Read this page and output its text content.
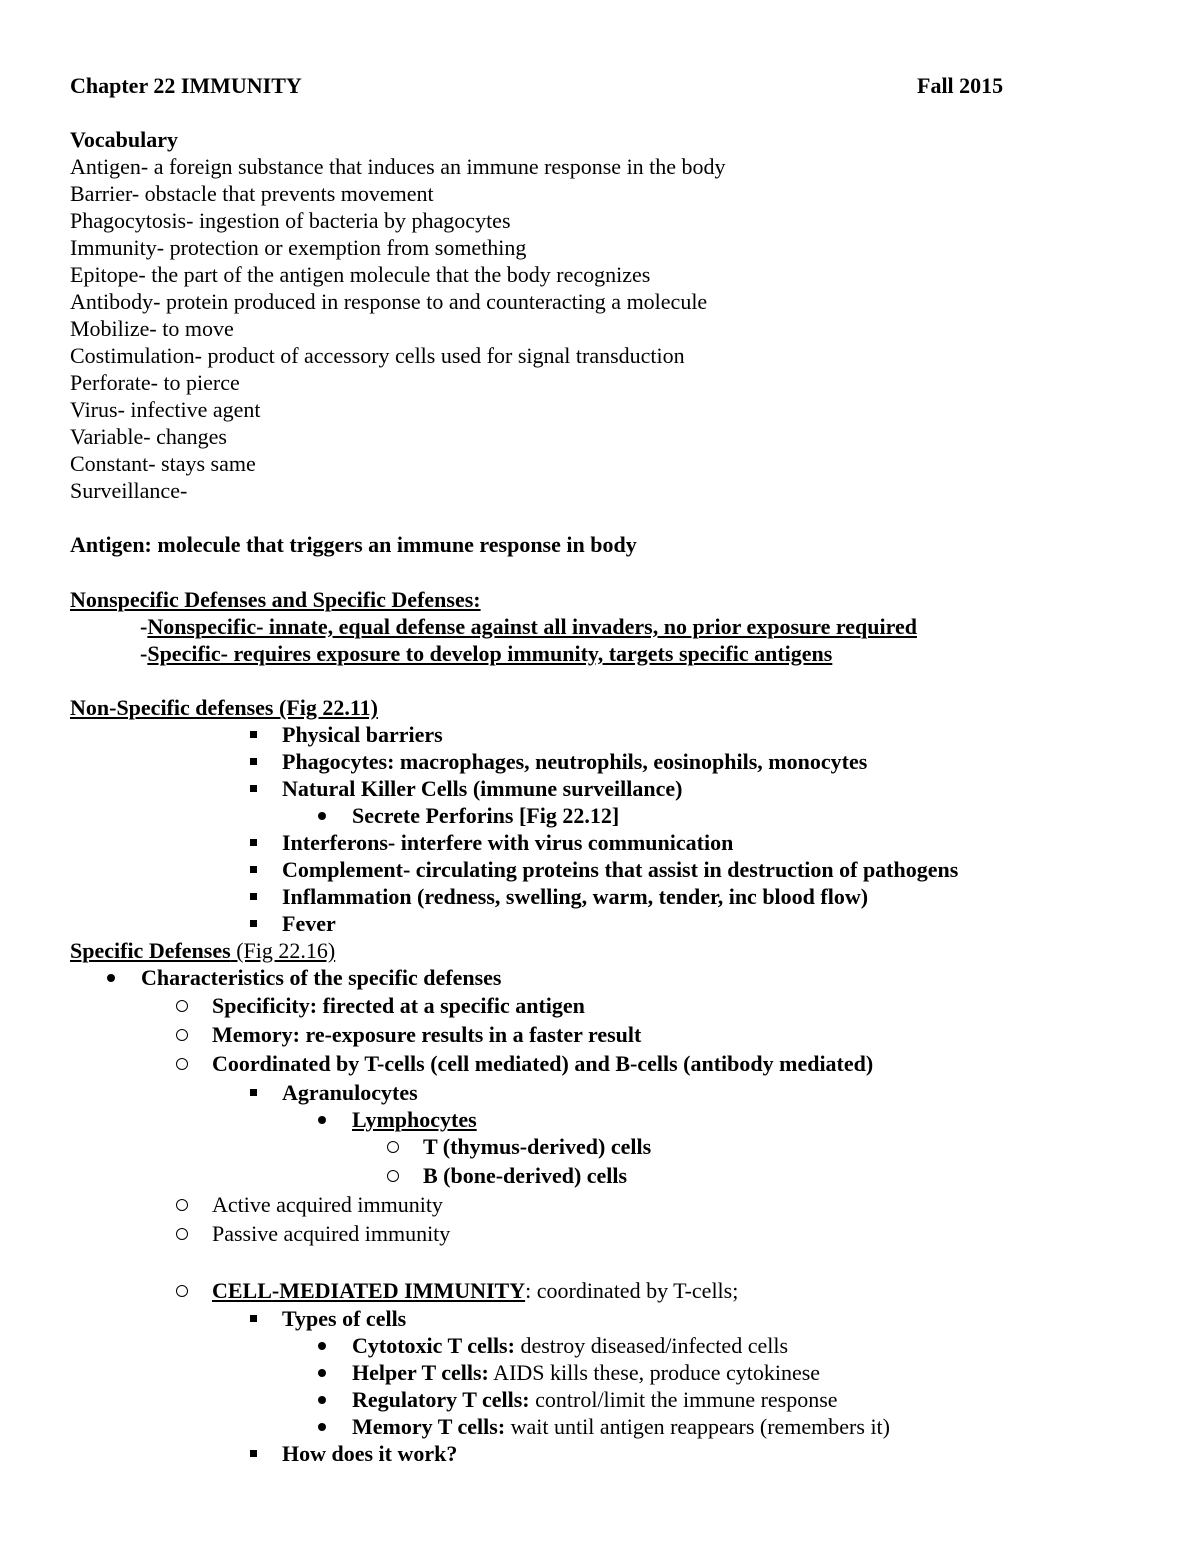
Chapter 22 IMMUNITY	Fall 2015
Vocabulary
Antigen- a foreign substance that induces an immune response in the body
Barrier- obstacle that prevents movement
Phagocytosis- ingestion of bacteria by phagocytes
Immunity- protection or exemption from something
Epitope- the part of the antigen molecule that the body recognizes
Antibody- protein produced in response to and counteracting a molecule
Mobilize- to move
Costimulation- product of accessory cells used for signal transduction
Perforate- to pierce
Virus- infective agent
Variable- changes
Constant- stays same
Surveillance-
Antigen: molecule that triggers an immune response in body
Nonspecific Defenses and Specific Defenses:
-Nonspecific- innate, equal defense against all invaders, no prior exposure required
-Specific- requires exposure to develop immunity, targets specific antigens
Non-Specific defenses (Fig 22.11)
Physical barriers
Phagocytes: macrophages, neutrophils, eosinophils, monocytes
Natural Killer Cells (immune surveillance)
Secrete Perforins [Fig 22.12]
Interferons- interfere with virus communication
Complement- circulating proteins that assist in destruction of pathogens
Inflammation (redness, swelling, warm, tender, inc blood flow)
Fever
Specific Defenses (Fig 22.16)
Characteristics of the specific defenses
Specificity: firected at a specific antigen
Memory: re-exposure results in a faster result
Coordinated by T-cells (cell mediated) and B-cells (antibody mediated)
Agranulocytes
Lymphocytes
T (thymus-derived) cells
B (bone-derived) cells
Active acquired immunity
Passive acquired immunity
CELL-MEDIATED IMMUNITY: coordinated by T-cells;
Types of cells
Cytotoxic T cells: destroy diseased/infected cells
Helper T cells: AIDS kills these, produce cytokinese
Regulatory T cells: control/limit the immune response
Memory T cells: wait until antigen reappears (remembers it)
How does it work?
